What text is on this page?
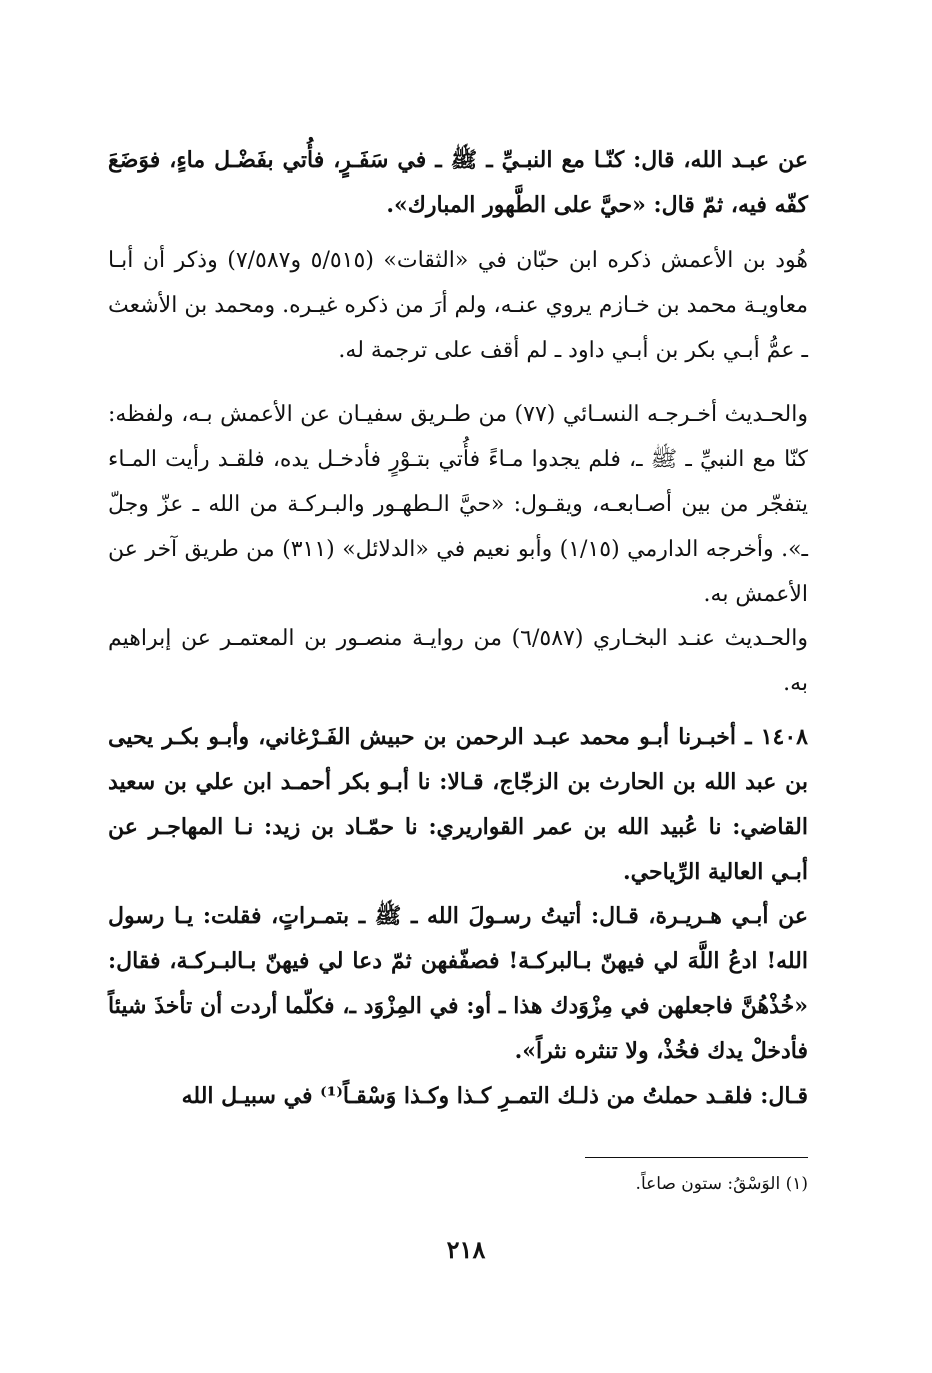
عن عبـد الله، قال: كنّـا مع النبـيِّ ـ ﷺ ـ في سَفَـرٍ، فأُتي بفَضْـل ماءٍ، فوَضَعَ كفّه فيه، ثمّ قال: «حيَّ على الطَّهور المبارك».

هُود بن الأعمش ذكره ابن حبّان في «الثقات» (٥/٥١٥ و٧/٥٨٧) وذكر أن أبـا معاويـة محمد بن خـازم يروي عنـه، ولم أرَ من ذكره غيـره. ومحمد بن الأشعث ـ عمُّ أبـي بكر بن أبـي داود ـ لم أقف على ترجمة له.

والحـديث أخـرجـه النسـائي (٧٧) من طـريق سفيـان عن الأعمش بـه، ولفظه: كنّا مع النبيِّ ـ ﷺ ـ، فلم يجدوا مـاءً فأُتي بتـوْرٍ فأدخـل يده، فلقـد رأيت المـاء يتفجّر من بين أصـابعـه، ويقـول: «حيَّ الـطهـور والبـركـة من الله ـ عزّ وجلّ ـ». وأخرجه الدارمي (١/١٥) وأبو نعيم في «الدلائل» (٣١١) من طريق آخر عن الأعمش به.

والحـديث عنـد البخـاري (٦/٥٨٧) من روايـة منصـور بن المعتمـر عن إبراهيم به.

١٤٠٨ ـ أخبـرنا أبـو محمد عبـد الرحمن بن حبيش الفَـرْغاني، وأبـو بكـر يحيى بن عبد الله بن الحارث بن الزجّاج، قـالا: نا أبـو بكر أحمـد ابن علي بن سعيد القاضي: نا عُبيد الله بن عمر القواريري: نا حمّـاد بن زيد: نـا المهاجـر عن أبـي العالية الرِّياحي.

عن أبـي هـريـرة، قـال: أتيتُ رسـولَ الله ـ ﷺ ـ بتمـراتٍ، فقلت: يـا رسول الله! ادعُ اللَّهَ لي فيهنّ بـالبركـة! فصفّفهن ثمّ دعا لي فيهنّ بـالبـركـة، فقال: «خُذْهُنَّ فاجعلهن في مِزْوَدك هذا ـ أو: في المِزْوَد ـ، فكلّما أردت أن تأخذَ شيئاً فأدخلْ يدك فخُذْ، ولا تنثره نثراً».

قـال: فلقـد حملتُ من ذلـك التمـرِ كـذا وكـذا وَسْقـاً⁽¹⁾ في سبيـل الله

(١) الوَسْقُ: ستون صاعاً.
٢١٨
